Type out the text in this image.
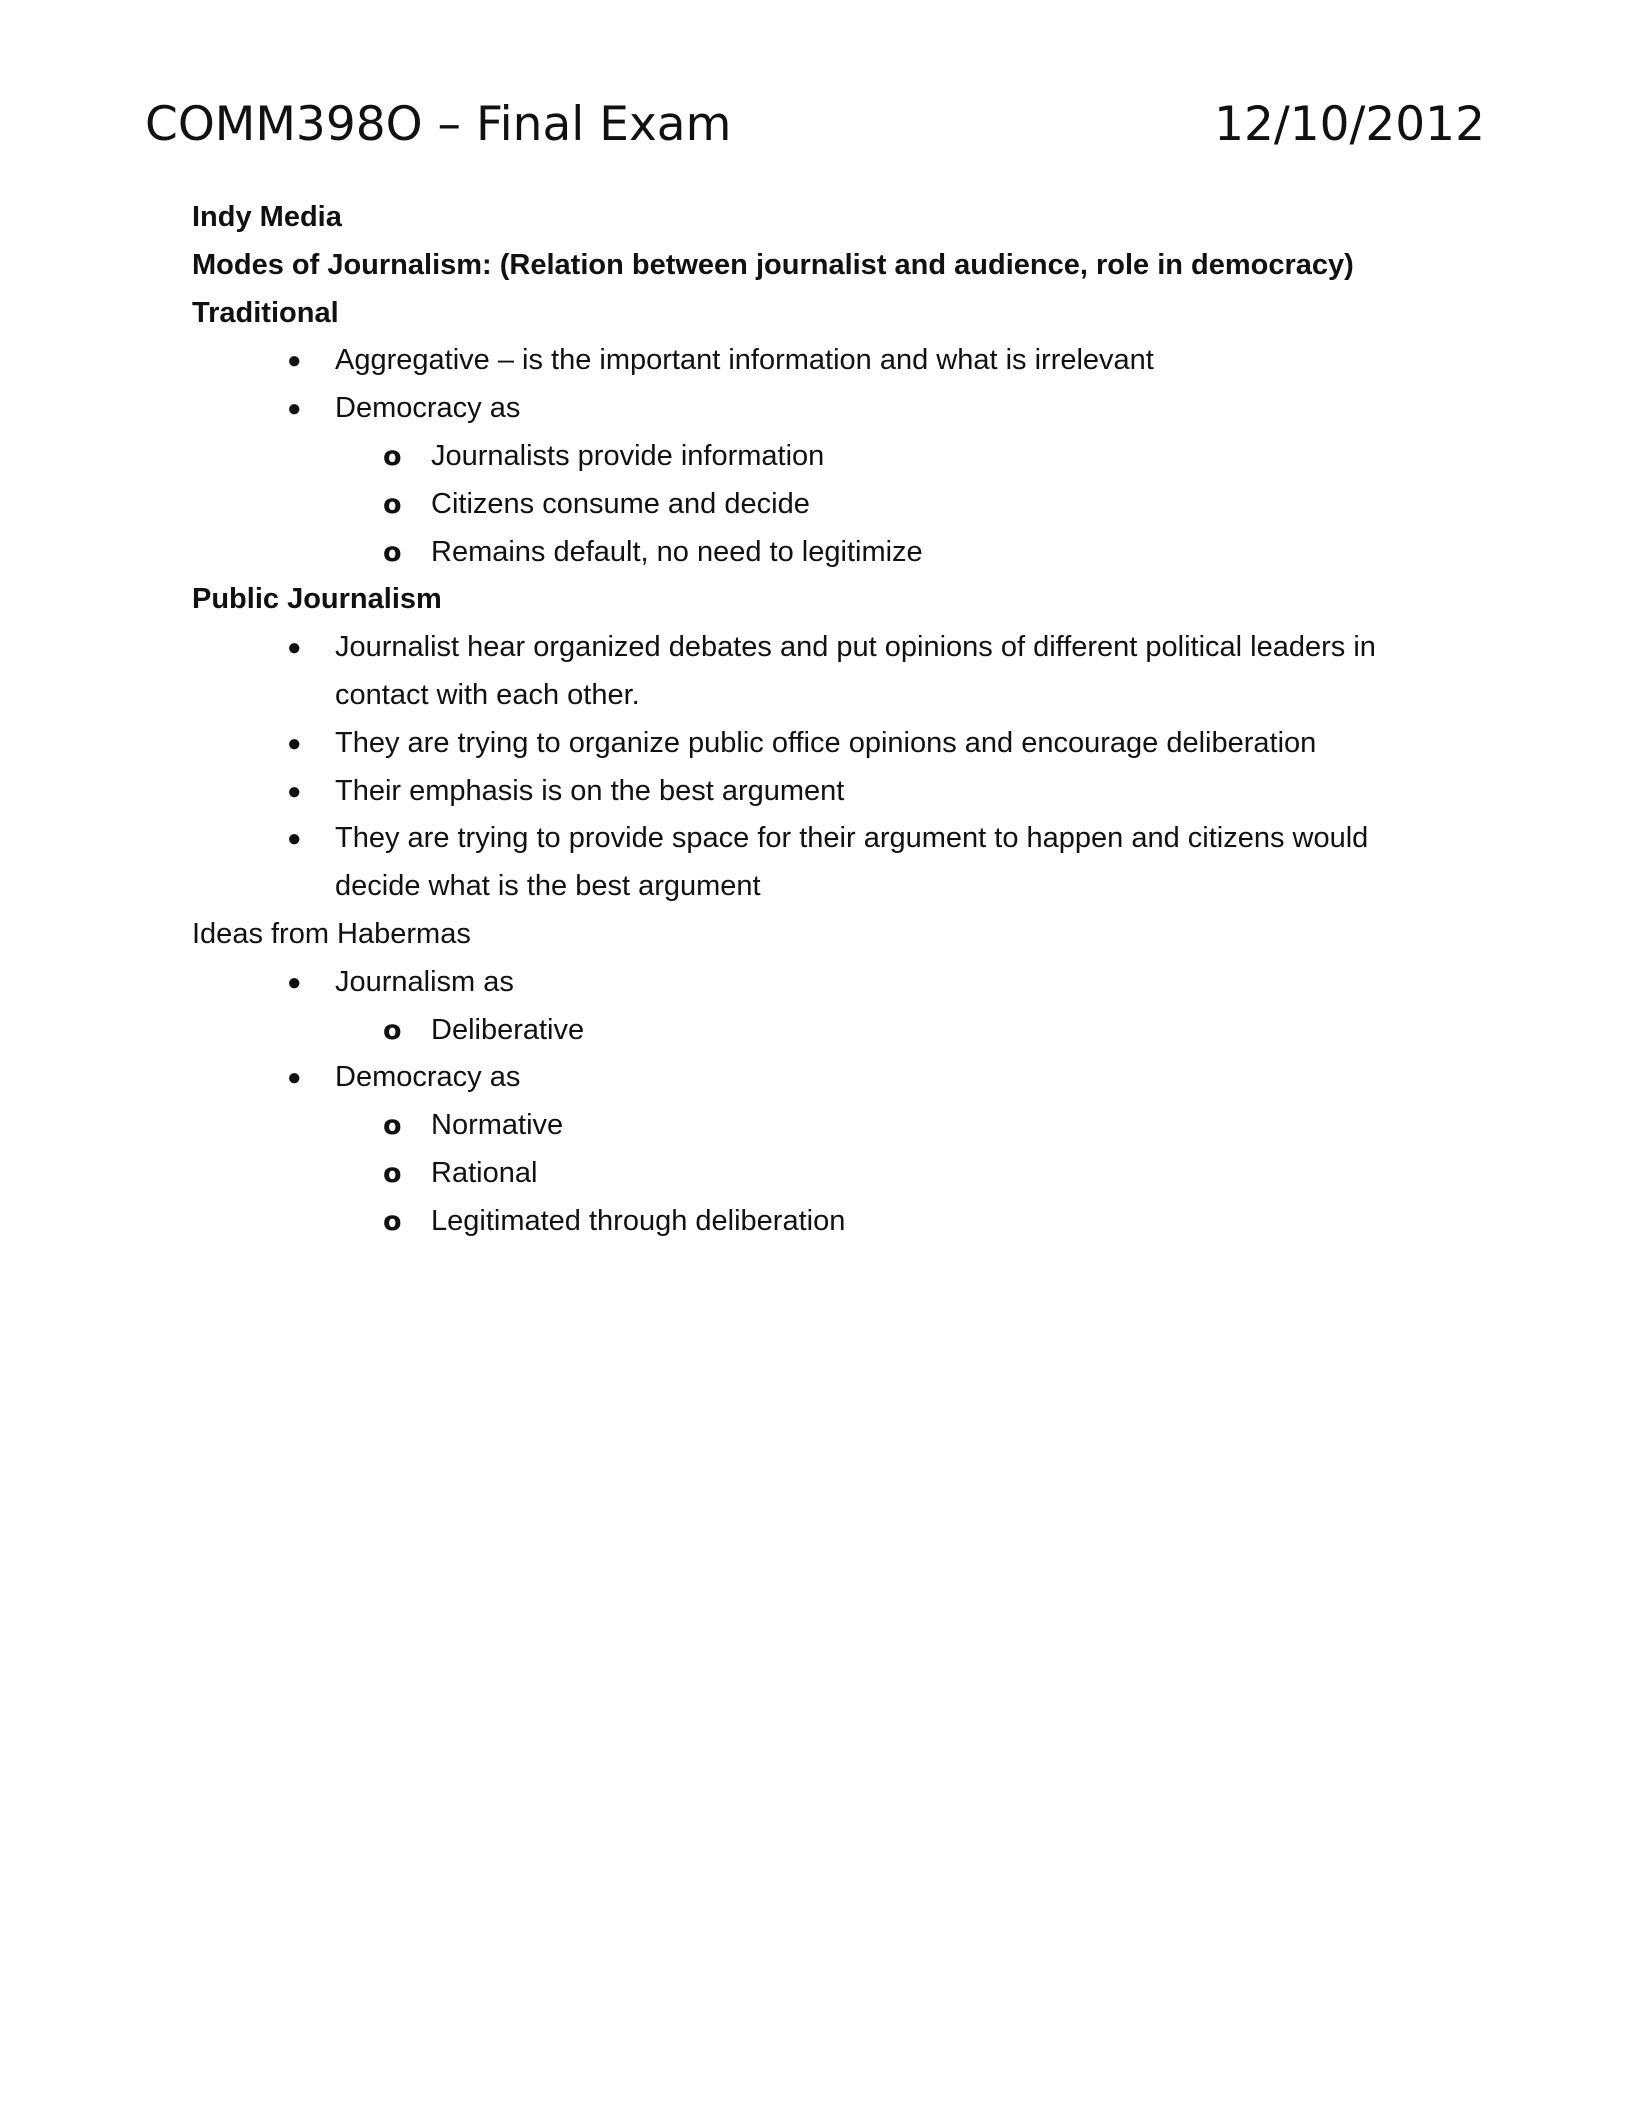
COMM398O – Final Exam	12/10/2012

Indy Media

Modes of Journalism: (Relation between journalist and audience, role in democracy)

Traditional

● Aggregative – is the important information and what is irrelevant
● Democracy as
o Journalists provide information
o Citizens consume and decide
o Remains default, no need to legitimize

Public Journalism

● Journalist hear organized debates and put opinions of different political leaders in contact with each other.
● They are trying to organize public office opinions and encourage deliberation
● Their emphasis is on the best argument
● They are trying to provide space for their argument to happen and citizens would decide what is the best argument

Ideas from Habermas

● Journalism as
o Deliberative
● Democracy as
o Normative
o Rational
o Legitimated through deliberation
